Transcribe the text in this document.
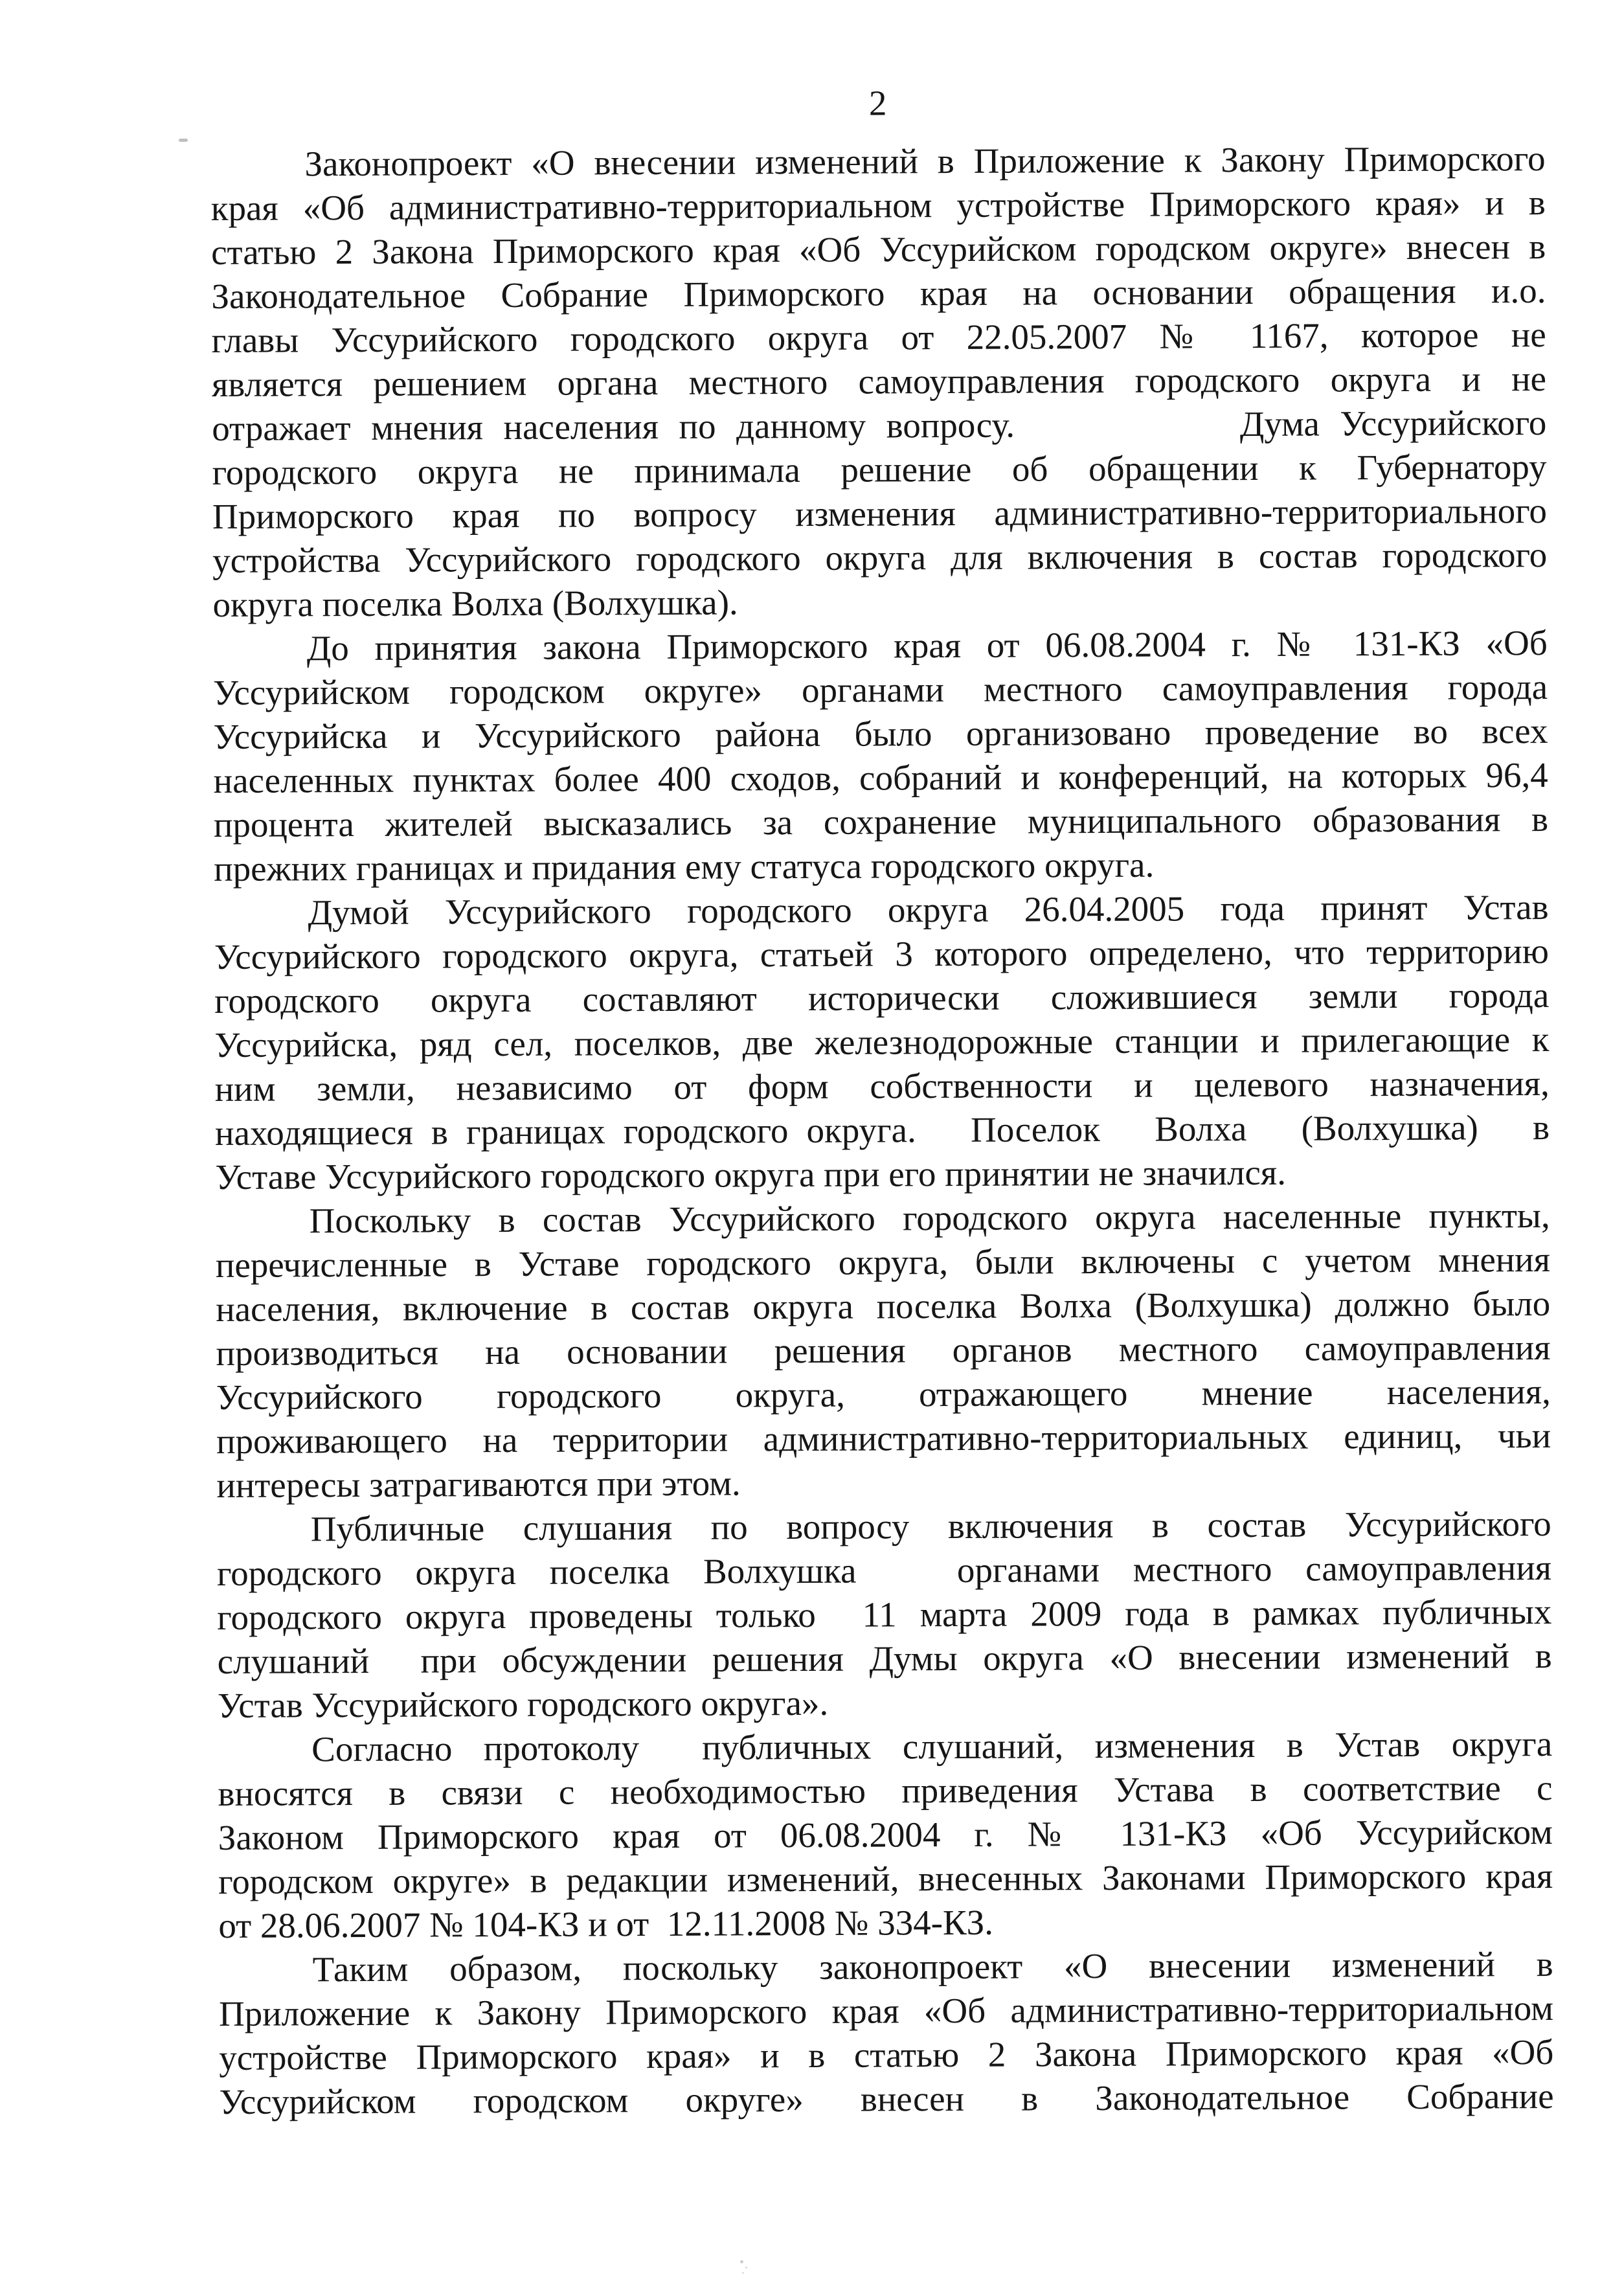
2
Законопроект «О внесении изменений в Приложение к Закону Приморского
края «Об административно-территориальном устройстве Приморского края» и в
статью 2 Закона Приморского края «Об Уссурийском городском округе» внесен в
Законодательное Собрание Приморского края на основании обращения и.о.
главы Уссурийского городского округа от 22.05.2007 № 1167, которое не
является решением органа местного самоуправления городского округа и не
отражает мнения населения по данному вопросу.           Дума Уссурийского
городского округа не принимала решение об обращении к Губернатору
Приморского края по вопросу изменения административно-территориального
устройства Уссурийского городского округа для включения в состав городского
округа поселка Волха (Волхушка).
До принятия закона Приморского края от 06.08.2004 г. № 131-КЗ «Об
Уссурийском городском округе» органами местного самоуправления города
Уссурийска и Уссурийского района было организовано проведение во всех
населенных пунктах более 400 сходов, собраний и конференций, на которых 96,4
процента жителей высказались за сохранение муниципального образования в
прежних границах и придания ему статуса городского округа.
Думой Уссурийского городского округа 26.04.2005 года принят Устав
Уссурийского городского округа, статьей 3 которого определено, что территорию
городского округа составляют исторически сложившиеся земли города
Уссурийска, ряд сел, поселков, две железнодорожные станции и прилегающие к
ним земли, независимо от форм собственности и целевого назначения,
находящиеся в границах городского округа.   Поселок   Волха   (Волхушка)   в
Уставе Уссурийского городского округа при его принятии не значился.
Поскольку в состав Уссурийского городского округа населенные пункты,
перечисленные в Уставе городского округа, были включены с учетом мнения
населения, включение в состав округа поселка Волха (Волхушка) должно было
производиться на основании решения органов местного самоуправления
Уссурийского городского округа, отражающего мнение населения,
проживающего на территории административно-территориальных единиц, чьи
интересы затрагиваются при этом.
Публичные слушания по вопросу включения в состав Уссурийского
городского округа поселка Волхушка   органами местного самоуправления
городского округа проведены только  11 марта 2009 года в рамках публичных
слушаний  при обсуждении решения Думы округа «О внесении изменений в
Устав Уссурийского городского округа».
Согласно протоколу  публичных слушаний, изменения в Устав округа
вносятся в связи с необходимостью приведения Устава в соответствие с
Законом Приморского края от 06.08.2004 г. № 131-КЗ «Об Уссурийском
городском округе» в редакции изменений, внесенных Законами Приморского края
от 28.06.2007 № 104-КЗ и от  12.11.2008 № 334-КЗ.
Таким образом, поскольку законопроект «О внесении изменений в
Приложение к Закону Приморского края «Об административно-территориальном
устройстве Приморского края» и в статью 2 Закона Приморского края «Об
Уссурийском городском округе» внесен в Законодательное Собрание
